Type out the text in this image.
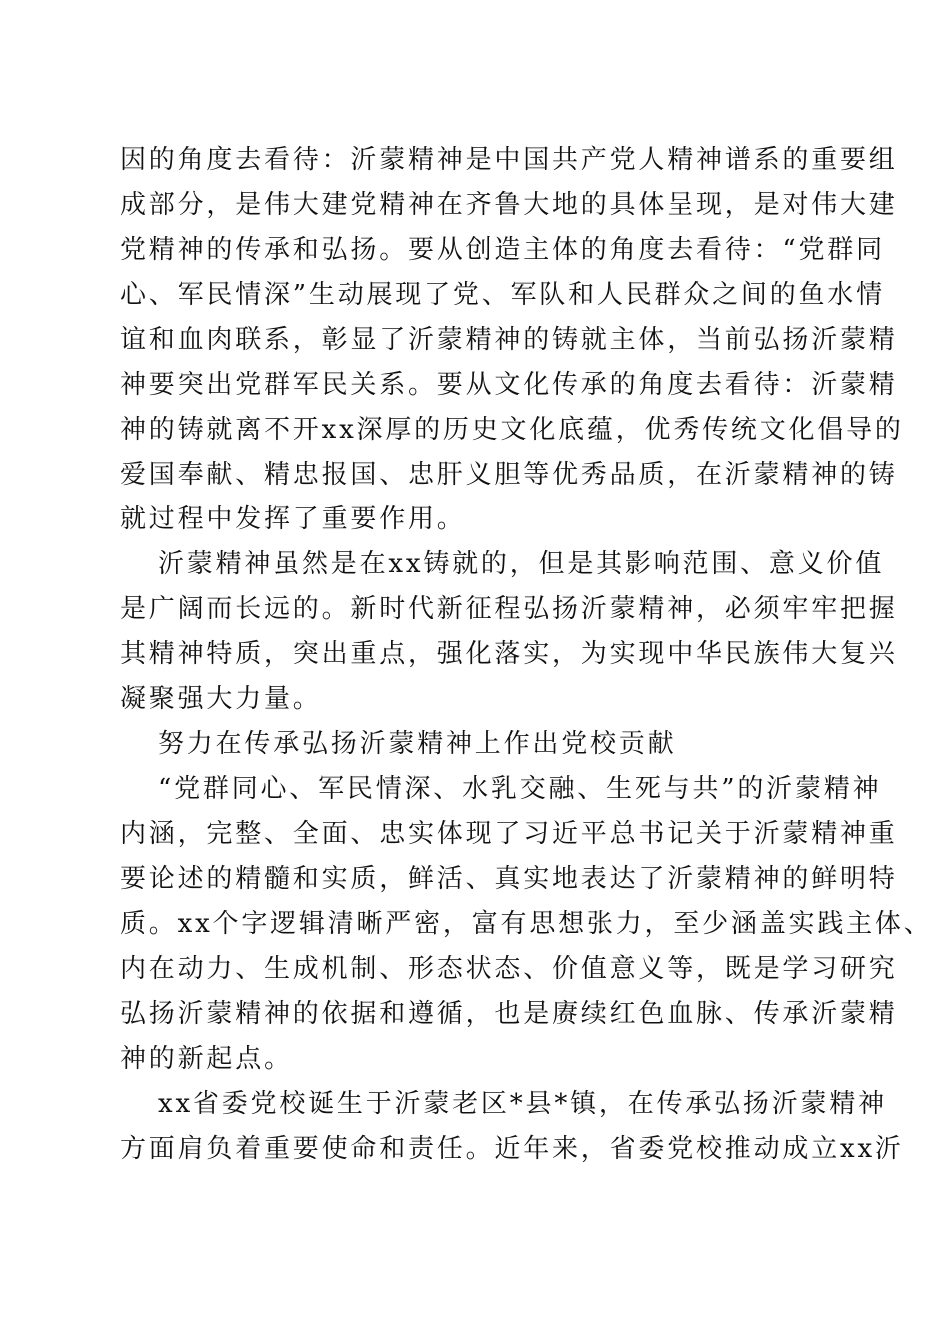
因的角度去看待：沂蒙精神是中国共产党人精神谱系的重要组
成部分，是伟大建党精神在齐鲁大地的具体呈现，是对伟大建
党精神的传承和弘扬。要从创造主体的角度去看待：“党群同
心、军民情深”生动展现了党、军队和人民群众之间的鱼水情
谊和血肉联系，彰显了沂蒙精神的铸就主体，当前弘扬沂蒙精
神要突出党群军民关系。要从文化传承的角度去看待：沂蒙精
神的铸就离不开xx深厚的历史文化底蕴，优秀传统文化倡导的
爱国奉献、精忠报国、忠肝义胆等优秀品质，在沂蒙精神的铸
就过程中发挥了重要作用。
沂蒙精神虽然是在xx铸就的，但是其影响范围、意义价值
是广阔而长远的。新时代新征程弘扬沂蒙精神，必须牢牢把握
其精神特质，突出重点，强化落实，为实现中华民族伟大复兴
凝聚强大力量。
努力在传承弘扬沂蒙精神上作出党校贡献
“党群同心、军民情深、水乳交融、生死与共”的沂蒙精神
内涵，完整、全面、忠实体现了习近平总书记关于沂蒙精神重
要论述的精髓和实质，鲜活、真实地表达了沂蒙精神的鲜明特
质。xx个字逻辑清晰严密，富有思想张力，至少涵盖实践主体、
内在动力、生成机制、形态状态、价值意义等，既是学习研究
弘扬沂蒙精神的依据和遵循，也是赓续红色血脉、传承沂蒙精
神的新起点。
xx省委党校诞生于沂蒙老区*县*镇，在传承弘扬沂蒙精神
方面肩负着重要使命和责任。近年来，省委党校推动成立xx沂
